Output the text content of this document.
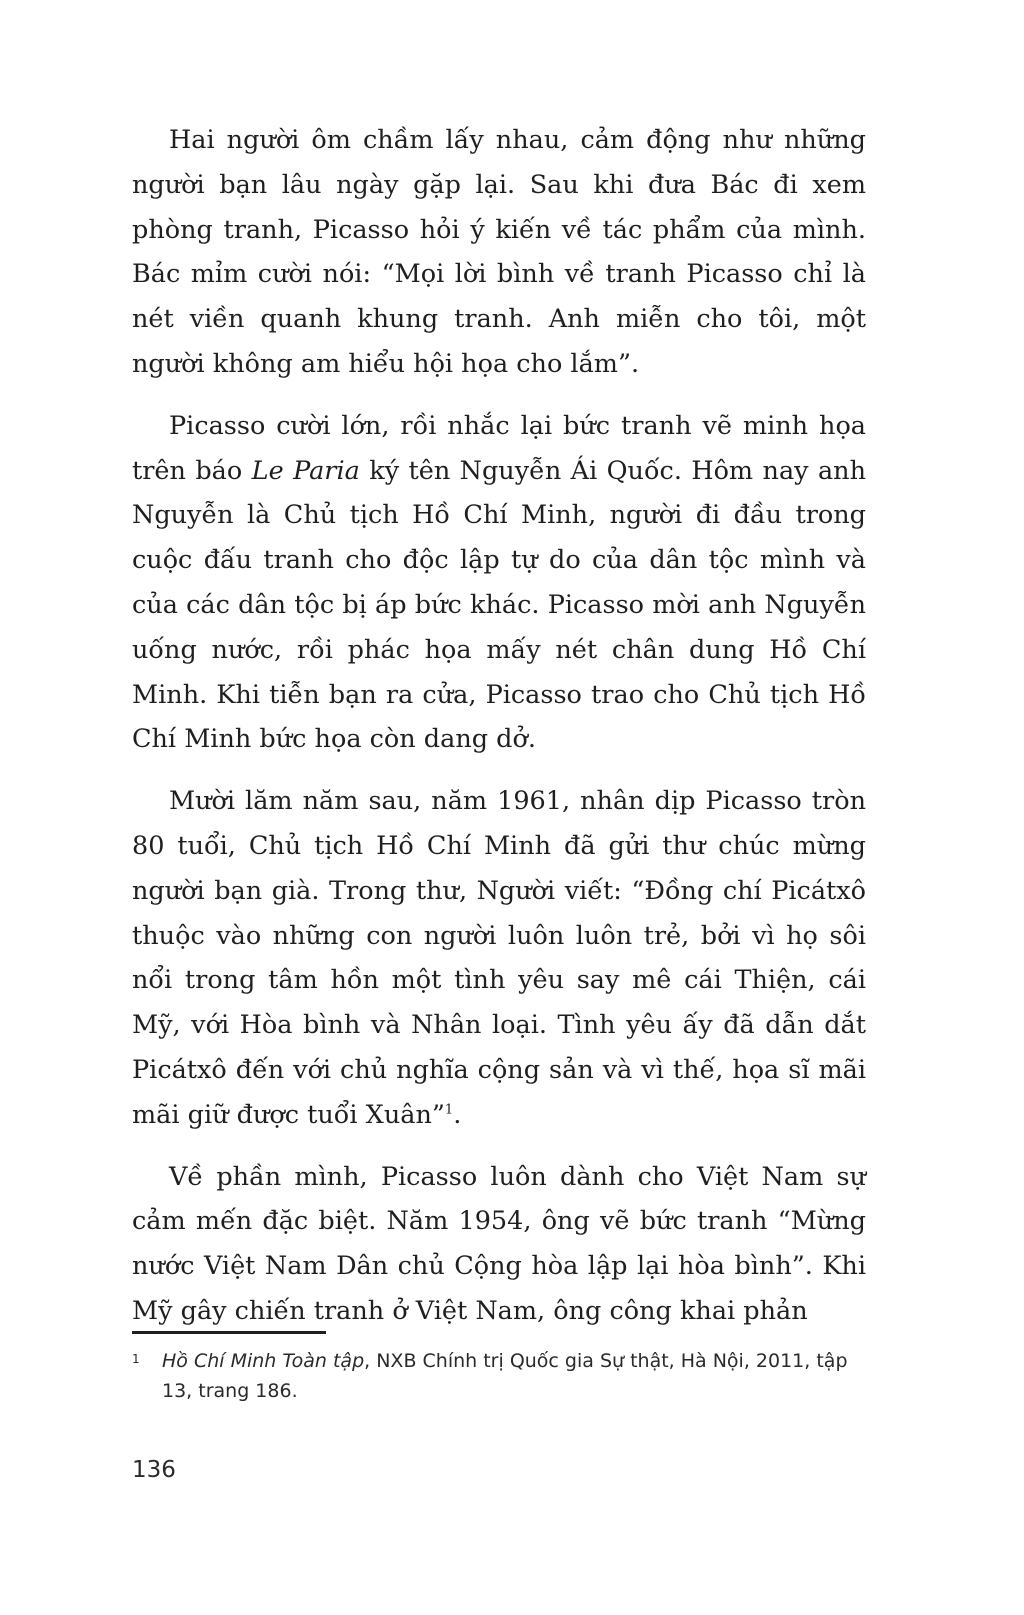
Hai người ôm chầm lấy nhau, cảm động như những người bạn lâu ngày gặp lại. Sau khi đưa Bác đi xem phòng tranh, Picasso hỏi ý kiến về tác phẩm của mình. Bác mỉm cười nói: “Mọi lời bình về tranh Picasso chỉ là nét viền quanh khung tranh. Anh miễn cho tôi, một người không am hiểu hội họa cho lắm”.

Picasso cười lớn, rồi nhắc lại bức tranh vẽ minh họa trên báo Le Paria ký tên Nguyễn Ái Quốc. Hôm nay anh Nguyễn là Chủ tịch Hồ Chí Minh, người đi đầu trong cuộc đấu tranh cho độc lập tự do của dân tộc mình và của các dân tộc bị áp bức khác. Picasso mời anh Nguyễn uống nước, rồi phác họa mấy nét chân dung Hồ Chí Minh. Khi tiễn bạn ra cửa, Picasso trao cho Chủ tịch Hồ Chí Minh bức họa còn dang dở.

Mười lăm năm sau, năm 1961, nhân dịp Picasso tròn 80 tuổi, Chủ tịch Hồ Chí Minh đã gửi thư chúc mừng người bạn già. Trong thư, Người viết: “Đồng chí Picátxô thuộc vào những con người luôn luôn trẻ, bởi vì họ sôi nổi trong tâm hồn một tình yêu say mê cái Thiện, cái Mỹ, với Hòa bình và Nhân loại. Tình yêu ấy đã dẫn dắt Picátxô đến với chủ nghĩa cộng sản và vì thế, họa sĩ mãi mãi giữ được tuổi Xuân”$^1$.

Về phần mình, Picasso luôn dành cho Việt Nam sự cảm mến đặc biệt. Năm 1954, ông vẽ bức tranh “Mừng nước Việt Nam Dân chủ Cộng hòa lập lại hòa bình”. Khi Mỹ gây chiến tranh ở Việt Nam, ông công khai phản

1 Hồ Chí Minh Toàn tập, NXB Chính trị Quốc gia Sự thật, Hà Nội, 2011, tập 13, trang 186.
136
